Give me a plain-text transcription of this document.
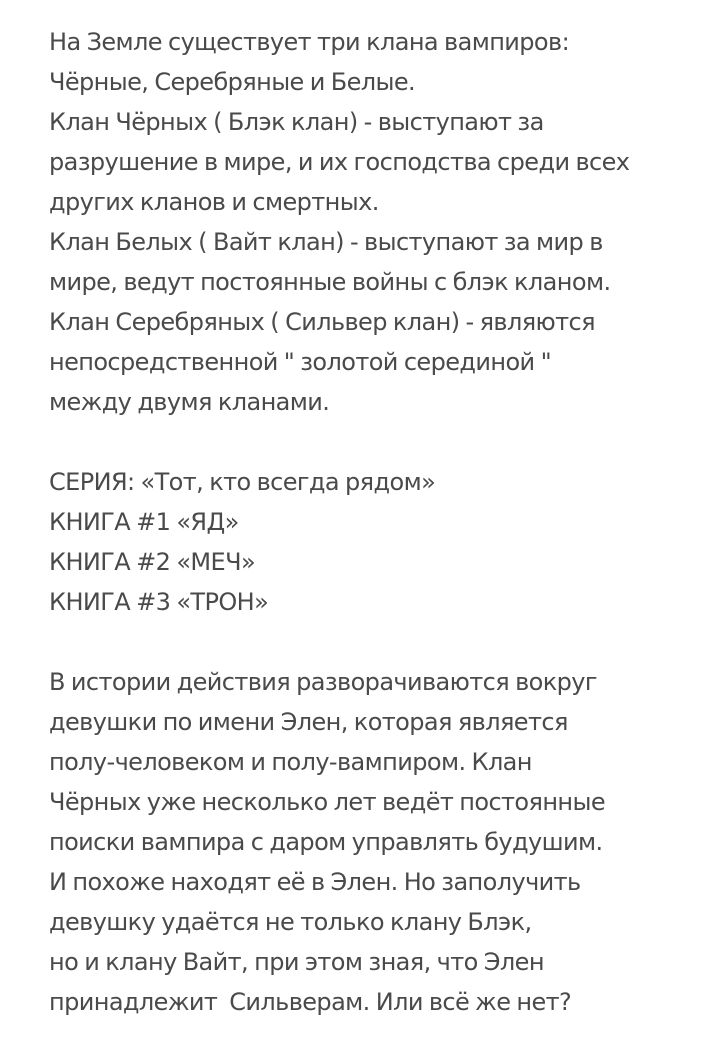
На Земле существует три клана вампиров:
Чёрные, Серебряные и Белые.
Клан Чёрных ( Блэк клан) - выступают за
разрушение в мире, и их господства среди всех
других кланов и смертных.
Клан Белых ( Вайт клан) - выступают за мир в
мире, ведут постоянные войны с блэк кланом.
Клан Серебряных ( Сильвер клан) - являются
непосредственной " золотой серединой "
между двумя кланами.
СЕРИЯ: «Тот, кто всегда рядом»
КНИГА #1 «ЯД»
КНИГА #2 «МЕЧ»
КНИГА #3 «ТРОН»
В истории действия разворачиваются вокруг
девушки по имени Элен, которая является
полу-человеком и полу-вампиром. Клан
Чёрных уже несколько лет ведёт постоянные
поиски вампира с даром управлять будушим.
И похоже находят её в Элен. Но заполучить
девушку удаётся не только клану Блэк,
но и клану Вайт, при этом зная, что Элен
принадлежит  Сильверам. Или всё же нет?
